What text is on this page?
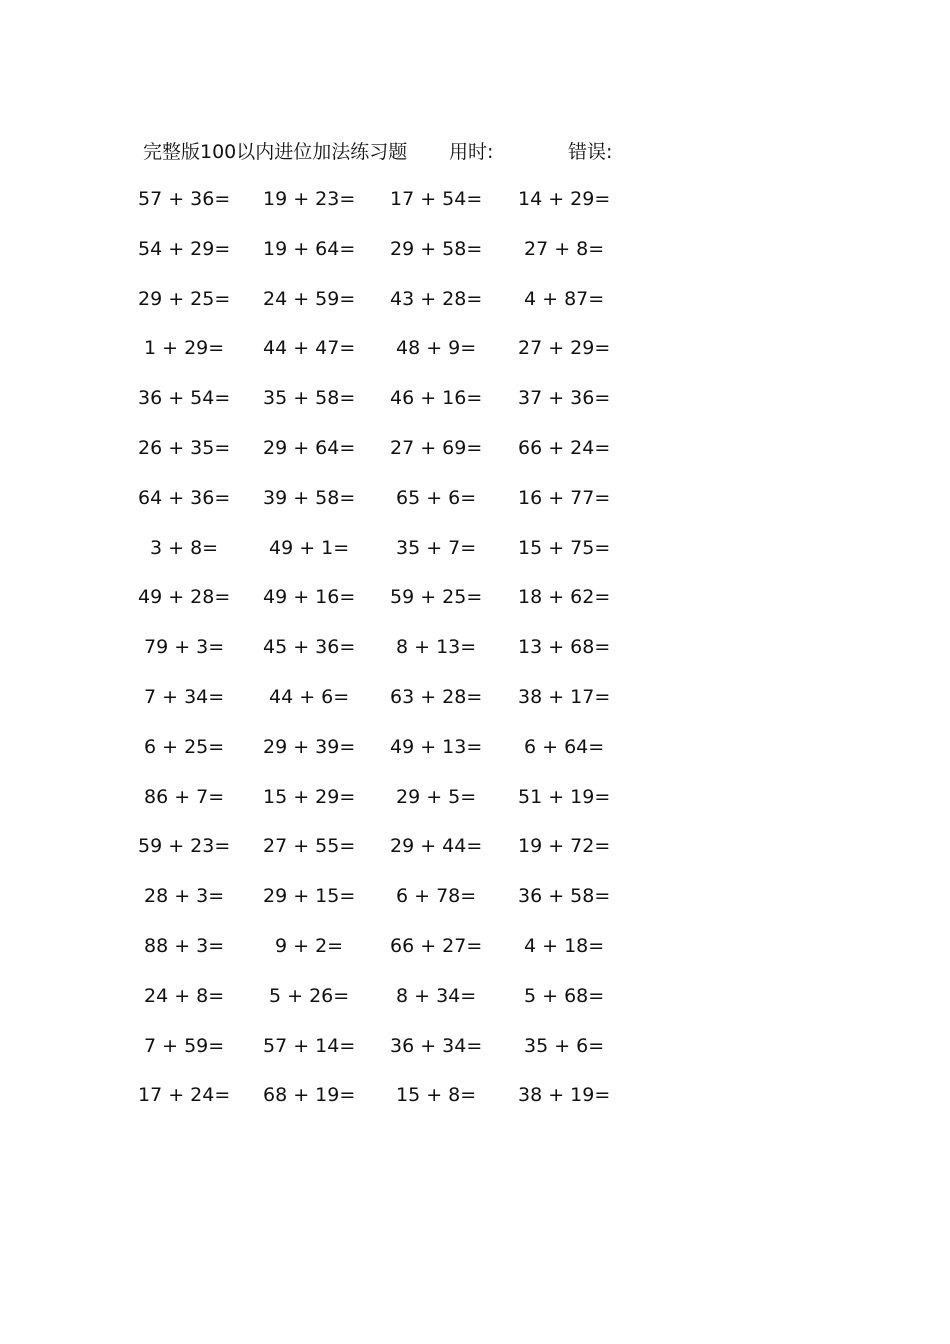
完整版100以内进位加法练习题 用时:	错误:
57 + 36= 19 + 23= 17 + 54= 14 + 29=
54 + 29= 19 + 64= 29 + 58= 27 + 8=
29 + 25= 24 + 59= 43 + 28= 4 + 87=
1 + 29= 44 + 47= 48 + 9= 27 + 29=
36 + 54= 35 + 58= 46 + 16= 37 + 36=
26 + 35= 29 + 64= 27 + 69= 66 + 24=
64 + 36= 39 + 58= 65 + 6= 16 + 77=
3 + 8=	49 + 1= 35 + 7= 15 + 75=
49 + 28= 49 + 16= 59 + 25= 18 + 62=
79 + 3= 45 + 36= 8 + 13= 13 + 68=
7 + 34= 44 + 6= 63 + 28= 38 + 17=
6 + 25= 29 + 39= 49 + 13= 6 + 64=
86 + 7= 15 + 29= 29 + 5= 51 + 19=
59 + 23= 27 + 55= 29 + 44= 19 + 72=
28 + 3= 29 + 15= 6 + 78= 36 + 58=
88 + 3=	9 + 2= 66 + 27= 4 + 18=
24 + 8= 5 + 26= 8 + 34=	5 + 68=
7 + 59= 57 + 14= 36 + 34= 35 + 6=
17 + 24= 68 + 19= 15 + 8= 38 + 19=
